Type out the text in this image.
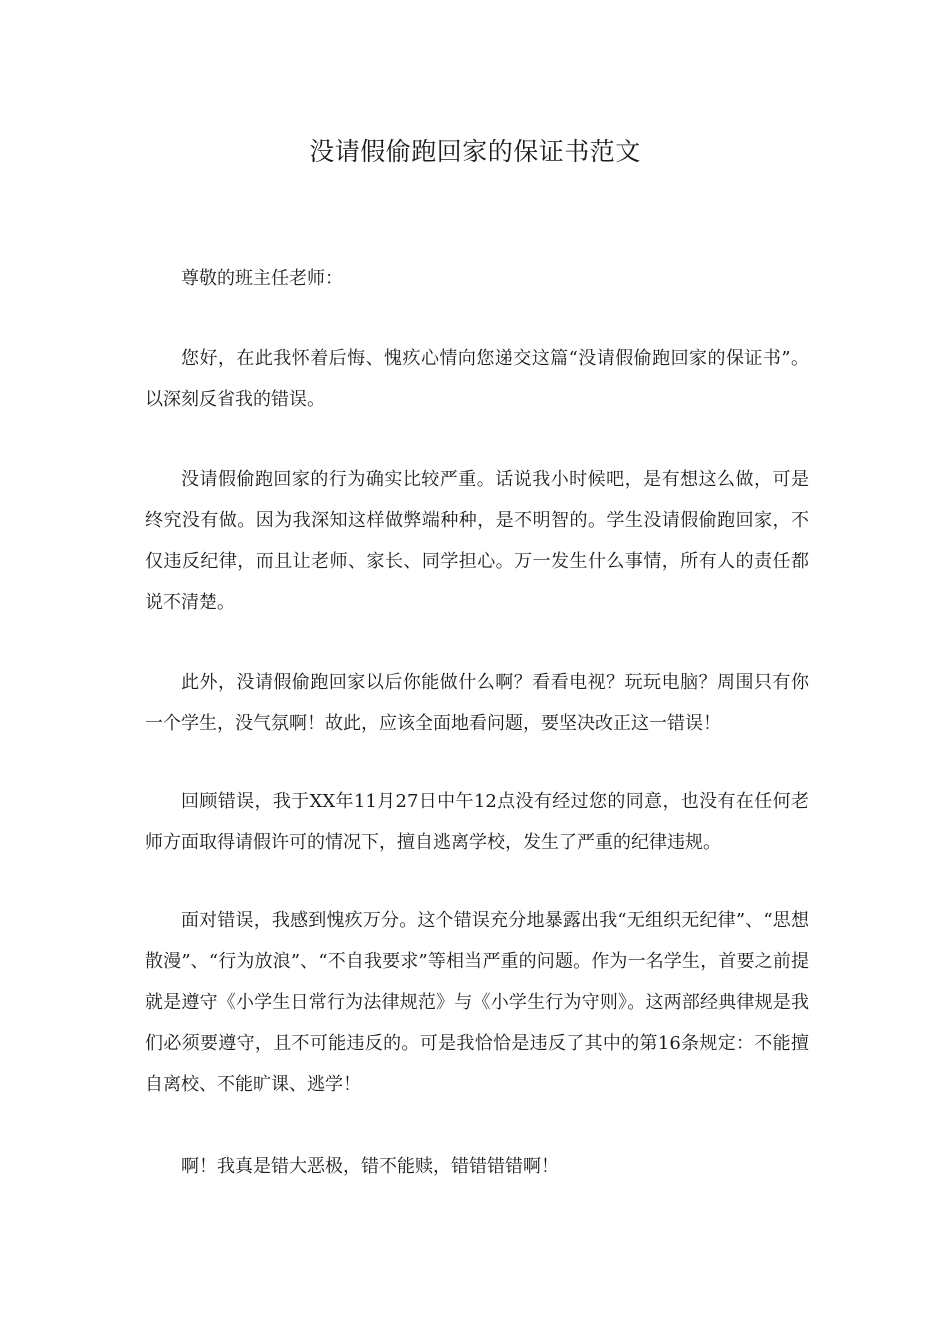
没请假偷跑回家的保证书范文

尊敬的班主任老师：

您好，在此我怀着后悔、愧疚心情向您递交这篇“没请假偷跑回家的保证书”。以深刻反省我的错误。

没请假偷跑回家的行为确实比较严重。话说我小时候吧，是有想这么做，可是终究没有做。因为我深知这样做弊端种种，是不明智的。学生没请假偷跑回家，不仅违反纪律，而且让老师、家长、同学担心。万一发生什么事情，所有人的责任都说不清楚。

此外，没请假偷跑回家以后你能做什么啊？看看电视？玩玩电脑？周围只有你一个学生，没气氛啊！故此，应该全面地看问题，要坚决改正这一错误！

回顾错误，我于XX年11月27日中午12点没有经过您的同意，也没有在任何老师方面取得请假许可的情况下，擅自逃离学校，发生了严重的纪律违规。

面对错误，我感到愧疚万分。这个错误充分地暴露出我“无组织无纪律”、“思想散漫”、“行为放浪”、“不自我要求”等相当严重的问题。作为一名学生，首要之前提就是遵守《小学生日常行为法律规范》与《小学生行为守则》。这两部经典律规是我们必须要遵守，且不可能违反的。可是我恰恰是违反了其中的第16条规定：不能擅自离校、不能旷课、逃学！

啊！我真是错大恶极，错不能赎，错错错错啊！
